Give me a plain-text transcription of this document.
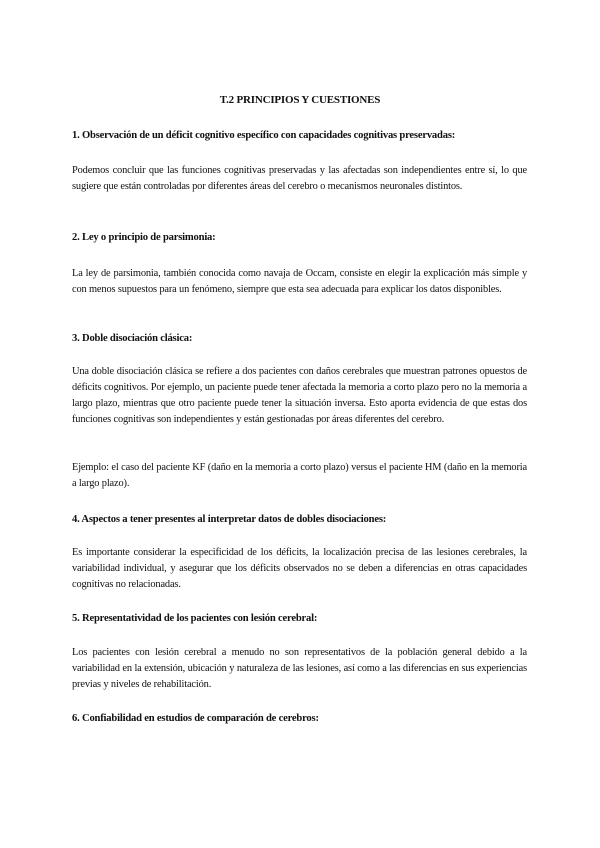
T.2 PRINCIPIOS Y CUESTIONES
1. Observación de un déficit cognitivo específico con capacidades cognitivas preservadas:
Podemos concluir que las funciones cognitivas preservadas y las afectadas son independientes entre sí, lo que sugiere que están controladas por diferentes áreas del cerebro o mecanismos neuronales distintos.
2. Ley o principio de parsimonia:
La ley de parsimonia, también conocida como navaja de Occam, consiste en elegir la explicación más simple y con menos supuestos para un fenómeno, siempre que esta sea adecuada para explicar los datos disponibles.
3. Doble disociación clásica:
Una doble disociación clásica se refiere a dos pacientes con daños cerebrales que muestran patrones opuestos de déficits cognitivos. Por ejemplo, un paciente puede tener afectada la memoria a corto plazo pero no la memoria a largo plazo, mientras que otro paciente puede tener la situación inversa. Esto aporta evidencia de que estas dos funciones cognitivas son independientes y están gestionadas por áreas diferentes del cerebro.
Ejemplo: el caso del paciente KF (daño en la memoria a corto plazo) versus el paciente HM (daño en la memoria a largo plazo).
4. Aspectos a tener presentes al interpretar datos de dobles disociaciones:
Es importante considerar la especificidad de los déficits, la localización precisa de las lesiones cerebrales, la variabilidad individual, y asegurar que los déficits observados no se deben a diferencias en otras capacidades cognitivas no relacionadas.
5. Representatividad de los pacientes con lesión cerebral:
Los pacientes con lesión cerebral a menudo no son representativos de la población general debido a la variabilidad en la extensión, ubicación y naturaleza de las lesiones, así como a las diferencias en sus experiencias previas y niveles de rehabilitación.
6. Confiabilidad en estudios de comparación de cerebros:
